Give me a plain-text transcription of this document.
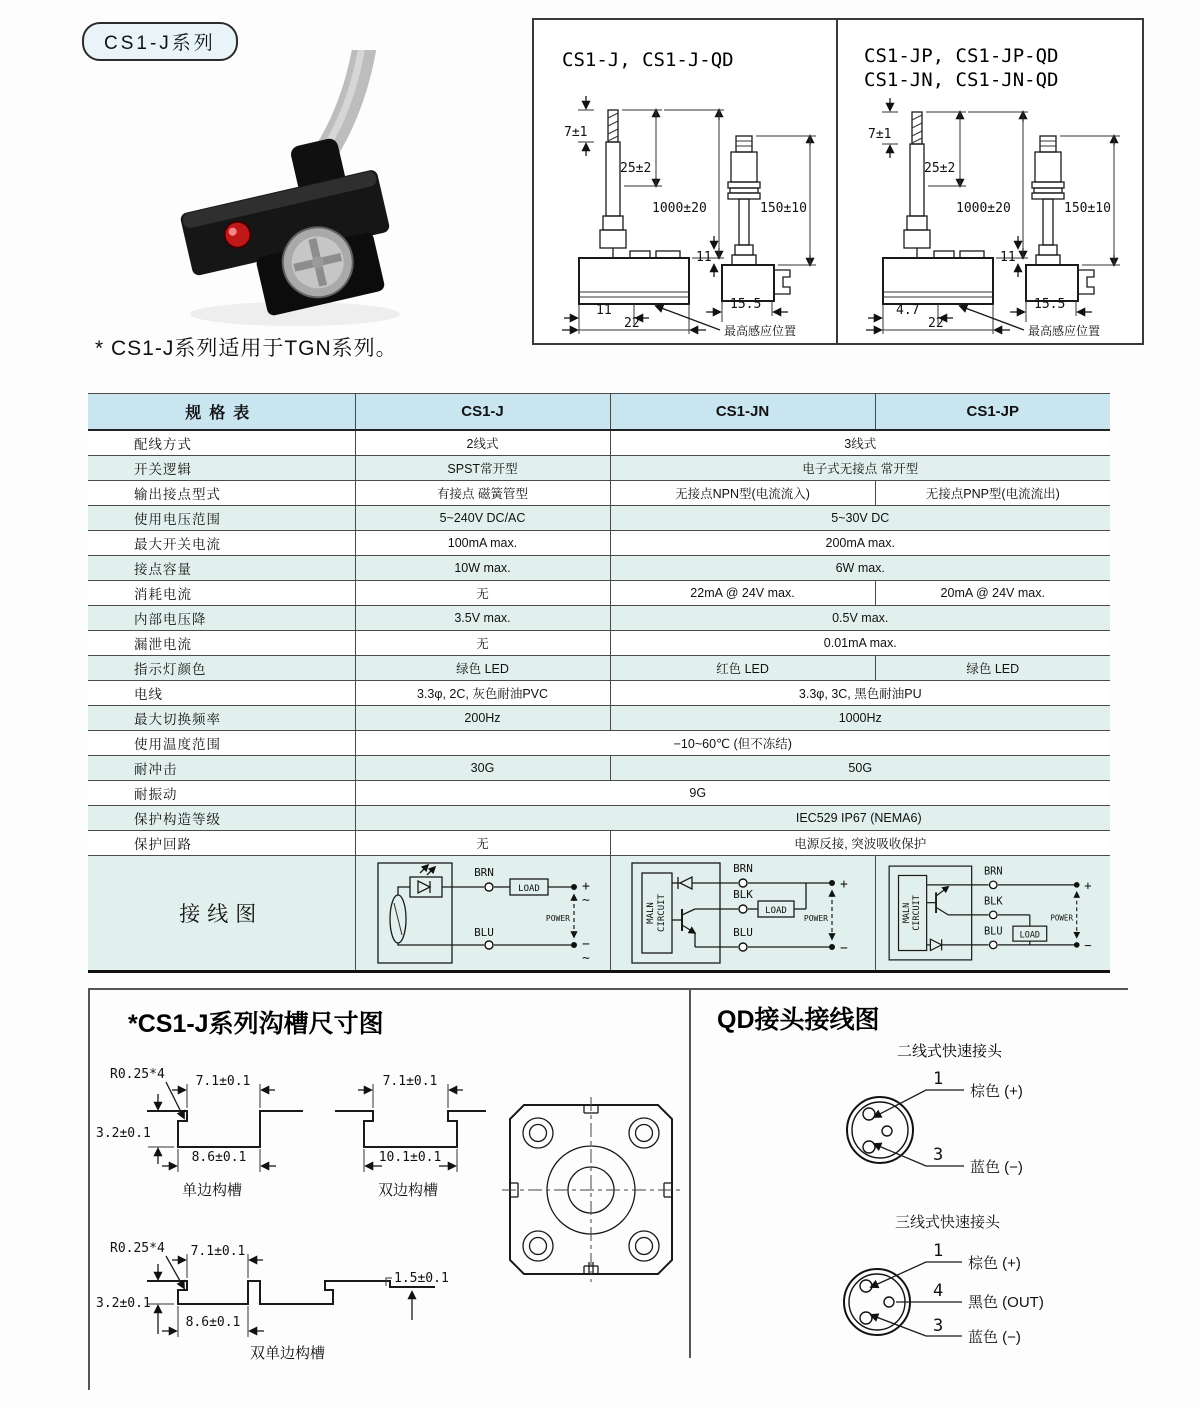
CS1-J系列
* CS1-J系列适用于TGN系列。
CS1-J, CS1-J-QD
7±1
25±2
1000±20
11
22	最高感应位置
150±10
11
15.5
CS1-JP, CS1-JP-QD
CS1-JN, CS1-JN-QD
7±1
25±2
1000±20
4.7
22	最高感应位置
150±10
11
15.5
规格表	CS1-J	CS1-JN	CS1-JP
配线方式	2线式	3线式	
开关逻辑	SPST常开型	电子式无接点 常开型	
输出接点型式	有接点 磁簧管型	无接点NPN型(电流流入)	无接点PNP型(电流流出)
使用电压范围	5~240V DC/AC	5~30V DC	
最大开关电流	100mA max.	200mA max.	
接点容量	10W max.	6W max.	
消耗电流	无	22mA @ 24V max.	20mA @ 24V max.
内部电压降	3.5V max.	0.5V max.	
漏泄电流	无	0.01mA max.	
指示灯颜色	绿色 LED	红色 LED	绿色 LED
电线	3.3φ, 2C, 灰色耐油PVC	3.3φ, 3C, 黑色耐油PU	
最大切换频率	200Hz	1000Hz	
使用温度范围	−10~60℃ (但不冻结)		
耐冲击	30G	50G	
耐振动	9G		
保护构造等级	IEC529 IP67 (NEMA6)		
保护回路	无	电源反接, 突波吸收保护	
接线图	
LOAD
BRN
BLU
+
~
−
~
POWER	MALN CIRCUIT	LOAD
BRN
BLK
BLU
+
−
POWER	MALN CIRCUIT
LOAD
BRN
BLK
BLU
+
−
POWER
*CS1-J系列沟槽尺寸图
R0.25*4 7.1±0.1
3.2±0.1
8.6±0.1
单边构槽
7.1±0.1
10.1±0.1
双边构槽
R0.25*4 7.1±0.1
3.2±0.1
8.6±0.1
1.5±0.1
双单边构槽
QD接头接线图
二线式快速接头
1
棕色 (+)
3
蓝色 (−)
三线式快速接头
1
棕色 (+)
4
黑色 (OUT)
3
蓝色 (−)
